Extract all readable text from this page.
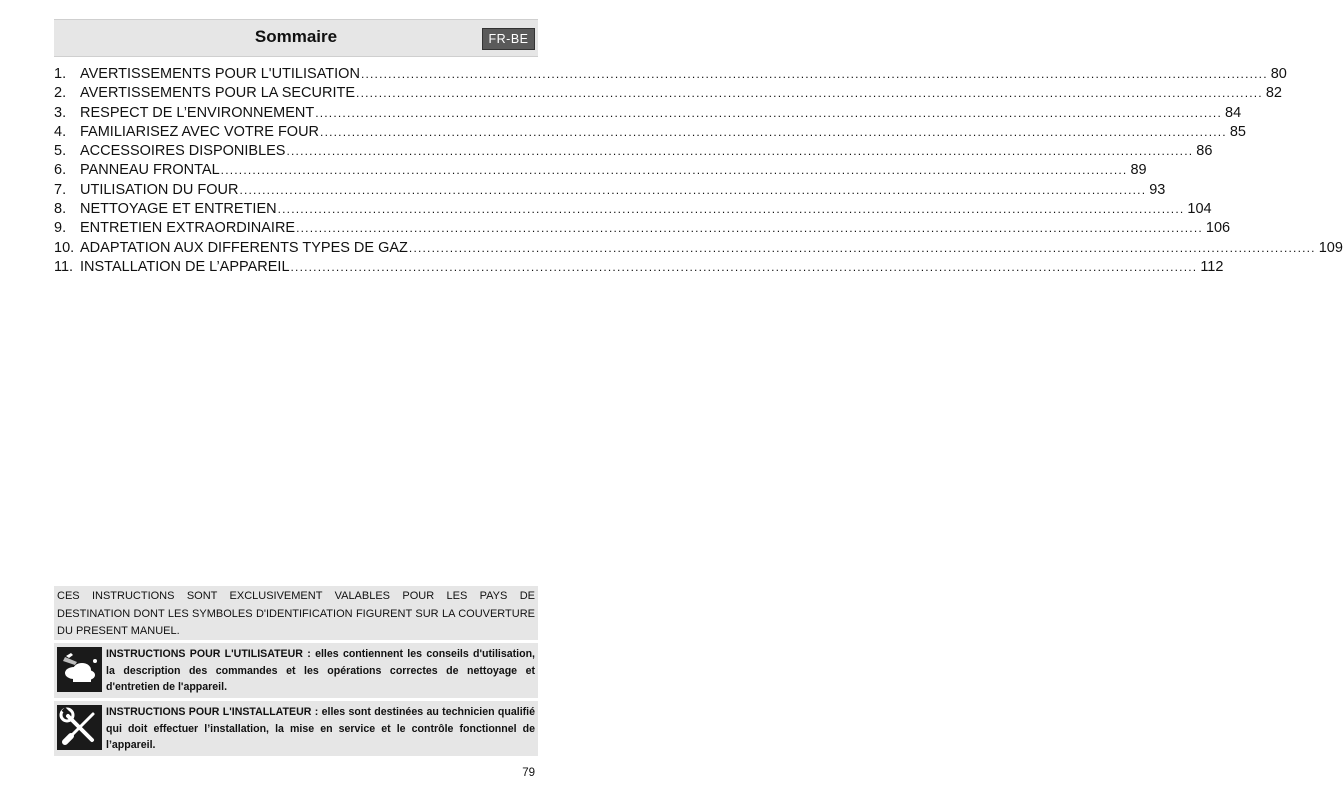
Sommaire	FR-BE
1. AVERTISSEMENTS POUR L'UTILISATION ........................................................................................................................................................................................................ 80
2. AVERTISSEMENTS POUR LA SECURITE ........................................................................................................................................................................................................ 82
3. RESPECT DE L’ENVIRONNEMENT ........................................................................................................................................................................................................ 84
4. FAMILIARISEZ AVEC VOTRE FOUR ........................................................................................................................................................................................................ 85
5. ACCESSOIRES DISPONIBLES ........................................................................................................................................................................................................ 86
6. PANNEAU FRONTAL ........................................................................................................................................................................................................ 89
7. UTILISATION DU FOUR ........................................................................................................................................................................................................ 93
8. NETTOYAGE ET ENTRETIEN ........................................................................................................................................................................................................ 104
9. ENTRETIEN EXTRAORDINAIRE ........................................................................................................................................................................................................ 106
10. ADAPTATION AUX DIFFERENTS TYPES DE GAZ ........................................................................................................................................................................................................ 109
11. INSTALLATION DE L’APPAREIL ........................................................................................................................................................................................................ 112
CES INSTRUCTIONS SONT EXCLUSIVEMENT VALABLES POUR LES PAYS DE DESTINATION DONT LES SYMBOLES D'IDENTIFICATION FIGURENT SUR LA COUVERTURE DU PRESENT MANUEL.
INSTRUCTIONS POUR L'UTILISATEUR : elles contiennent les conseils d'utilisation, la description des commandes et les opérations correctes de nettoyage et d'entretien de l'appareil.
INSTRUCTIONS POUR L'INSTALLATEUR : elles sont destinées au technicien qualifié qui doit effectuer l’installation, la mise en service et le contrôle fonctionnel de l’appareil.
79
